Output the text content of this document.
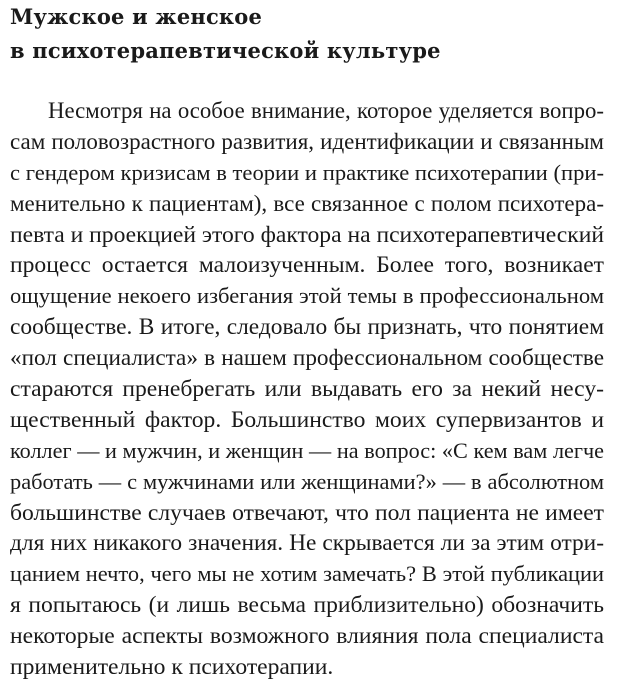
Мужское и женское
в психотерапевтической культуре
Несмотря на особое внимание, которое уделяется вопро-
сам половозрастного развития, идентификации и связанным
с гендером кризисам в теории и практике психотерапии (при-
менительно к пациентам), все связанное с полом психотера-
певта и проекцией этого фактора на психотерапевтический
процесс остается малоизученным. Более того, возникает
ощущение некоего избегания этой темы в профессиональном
сообществе. В итоге, следовало бы признать, что понятием
«пол специалиста» в нашем профессиональном сообществе
стараются пренебрегать или выдавать его за некий несу-
щественный фактор. Большинство моих супервизантов и
коллег — и мужчин, и женщин — на вопрос: «С кем вам легче
работать — с мужчинами или женщинами?» — в абсолютном
большинстве случаев отвечают, что пол пациента не имеет
для них никакого значения. Не скрывается ли за этим отри-
цанием нечто, чего мы не хотим замечать? В этой публикации
я попытаюсь (и лишь весьма приблизительно) обозначить
некоторые аспекты возможного влияния пола специалиста
применительно к психотерапии.
